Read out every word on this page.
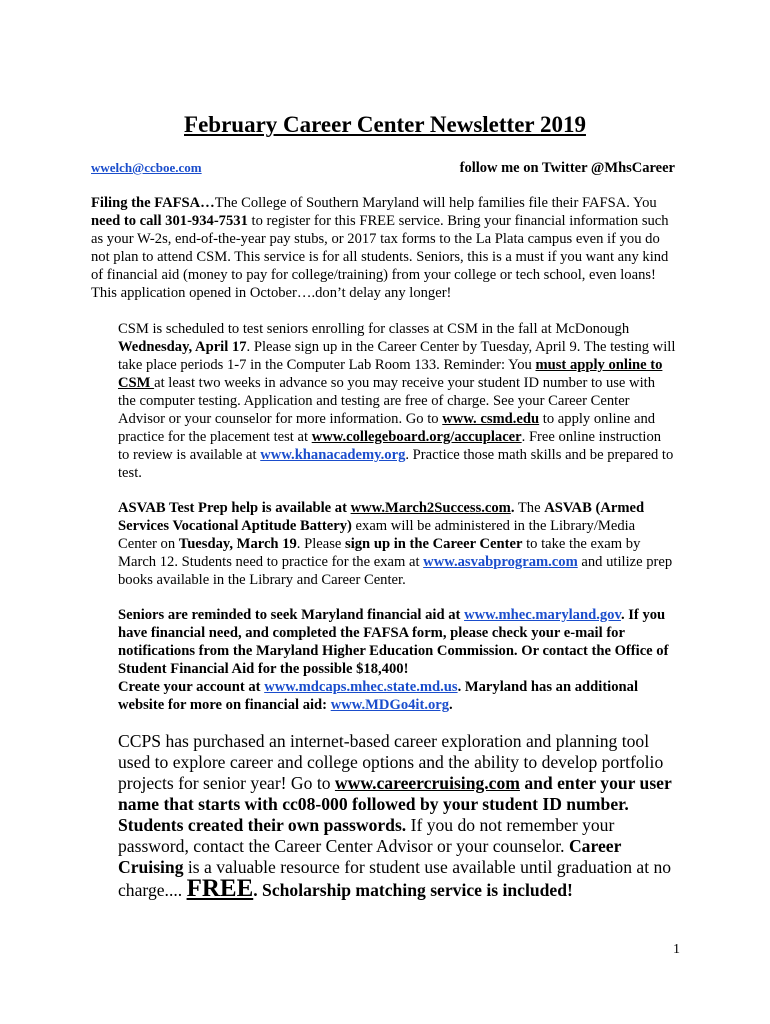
February Career Center Newsletter 2019
wwelch@ccboe.com	follow me on Twitter @MhsCareer

Filing the FAFSA…The College of Southern Maryland will help families file their FAFSA. You need to call 301-934-7531 to register for this FREE service. Bring your financial information such as your W-2s, end-of-the-year pay stubs, or 2017 tax forms to the La Plata campus even if you do not plan to attend CSM. This service is for all students. Seniors, this is a must if you want any kind of financial aid (money to pay for college/training) from your college or tech school, even loans! This application opened in October….don’t delay any longer!

CSM is scheduled to test seniors enrolling for classes at CSM in the fall at McDonough Wednesday, April 17. Please sign up in the Career Center by Tuesday, April 9. The testing will take place periods 1-7 in the Computer Lab Room 133. Reminder: You must apply online to CSM at least two weeks in advance so you may receive your student ID number to use with the computer testing. Application and testing are free of charge. See your Career Center Advisor or your counselor for more information. Go to www. csmd.edu to apply online and practice for the placement test at www.collegeboard.org/accuplacer. Free online instruction to review is available at www.khanacademy.org. Practice those math skills and be prepared to test.

ASVAB Test Prep help is available at www.March2Success.com. The ASVAB (Armed Services Vocational Aptitude Battery) exam will be administered in the Library/Media Center on Tuesday, March 19. Please sign up in the Career Center to take the exam by March 12. Students need to practice for the exam at www.asvabprogram.com and utilize prep books available in the Library and Career Center.

Seniors are reminded to seek Maryland financial aid at www.mhec.maryland.gov. If you have financial need, and completed the FAFSA form, please check your e-mail for notifications from the Maryland Higher Education Commission. Or contact the Office of Student Financial Aid for the possible $18,400!
Create your account at www.mdcaps.mhec.state.md.us. Maryland has an additional website for more on financial aid: www.MDGo4it.org.

CCPS has purchased an internet-based career exploration and planning tool used to explore career and college options and the ability to develop portfolio projects for senior year! Go to www.careercruising.com and enter your user name that starts with cc08-000 followed by your student ID number. Students created their own passwords. If you do not remember your password, contact the Career Center Advisor or your counselor. Career Cruising is a valuable resource for student use available until graduation at no charge.... FREE. Scholarship matching service is included!

1
